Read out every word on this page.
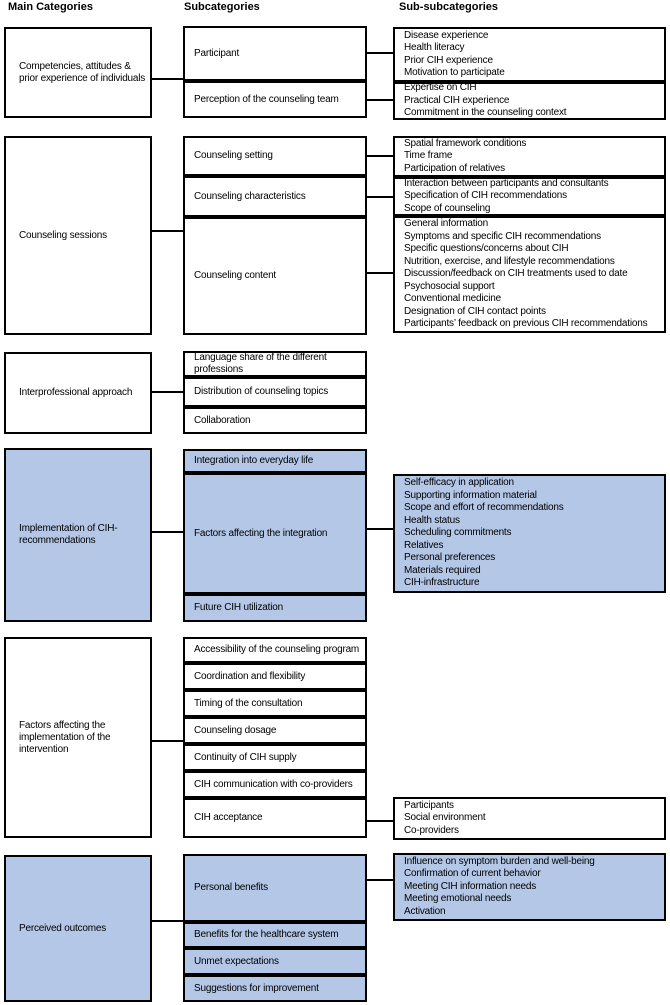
Main Categories	Subcategories	Sub-subcategories
Competencies, attitudes & prior experience of individuals
Participant
Perception of the counseling team
Disease experience
Health literacy
Prior CIH experience
Motivation to participate
Expertise on CIH
Practical CIH experience
Commitment in the counseling context
Counseling sessions
Counseling setting
Counseling characteristics
Counseling content
Spatial framework conditions
Time frame
Participation of relatives
Interaction between participants and consultants
Specification of CIH recommendations
Scope of counseling
General information
Symptoms and specific CIH recommendations
Specific questions/concerns about CIH
Nutrition, exercise, and lifestyle recommendations
Discussion/feedback on CIH treatments used to date
Psychosocial support
Conventional medicine
Designation of CIH contact points
Participants’ feedback on previous CIH recommendations
Interprofessional approach
Language share of the different professions
Distribution of counseling topics
Collaboration
Implementation of CIH-recommendations
Integration into everyday life
Factors affecting the integration
Future CIH utilization
Self-efficacy in application
Supporting information material
Scope and effort of recommendations
Health status
Scheduling commitments
Relatives
Personal preferences
Materials required
CIH-infrastructure
Factors affecting the implementation of the intervention
Accessibility of the counseling program
Coordination and flexibility
Timing of the consultation
Counseling dosage
Continuity of CIH supply
CIH communication with co-providers
CIH acceptance
Participants
Social environment
Co-providers
Perceived outcomes
Personal benefits
Benefits for the healthcare system
Unmet expectations
Suggestions for improvement
Influence on symptom burden and well-being
Confirmation of current behavior
Meeting CIH information needs
Meeting emotional needs
Activation
